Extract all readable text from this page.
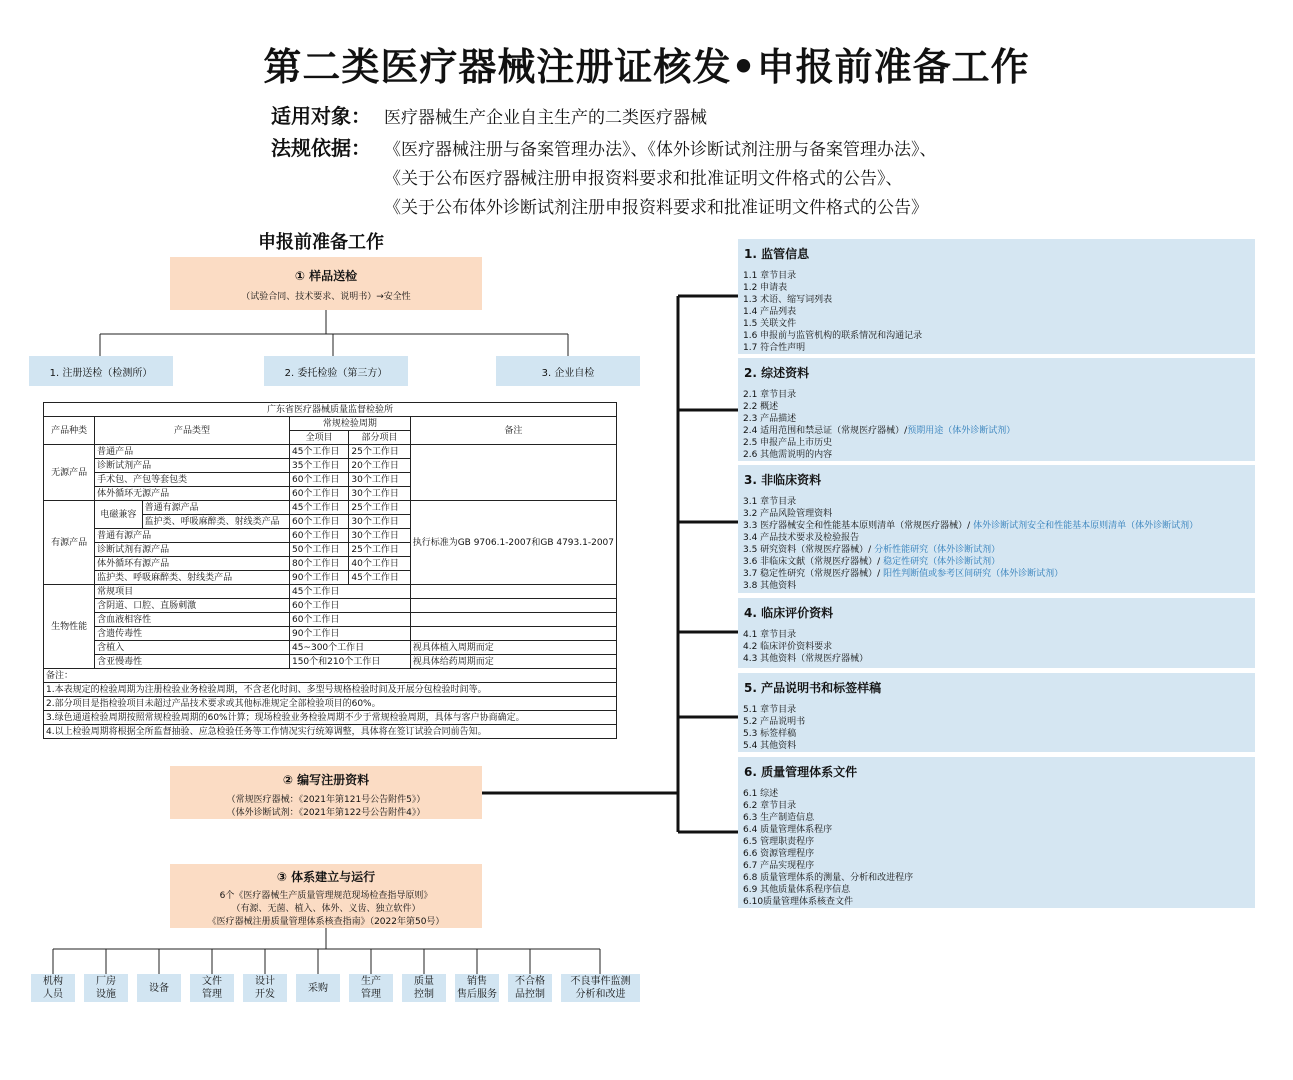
第二类医疗器械注册证核发•申报前准备工作
适用对象： 医疗器械生产企业自主生产的二类医疗器械
法规依据： 《医疗器械注册与备案管理办法》、《体外诊断试剂注册与备案管理办法》、
《关于公布医疗器械注册申报资料要求和批准证明文件格式的公告》、
《关于公布体外诊断试剂注册申报资料要求和批准证明文件格式的公告》
申报前准备工作
① 样品送检
（试验合同、技术要求、说明书）→安全性
1. 注册送检（检测所）	2. 委托检验（第三方）	3. 企业自检
广东省医疗器械质量监督检验所					
产品种类	产品类型		常规检验周期		备注
			全项目	部分项目	
无源产品	普通产品		45个工作日	25个工作日	
	诊断试剂产品		35个工作日	20个工作日	
	手术包、产包等套包类		60个工作日	30个工作日	
	体外循环无源产品		60个工作日	30个工作日	
有源产品	电磁兼容	普通有源产品	45个工作日	25个工作日	执行标准为GB 9706.1-2007和GB 4793.1-2007
		监护类、呼吸麻醉类、射线类产品	60个工作日	30个工作日	
	普通有源产品		60个工作日	30个工作日	
	诊断试剂有源产品		50个工作日	25个工作日	
	体外循环有源产品		80个工作日	40个工作日	
	监护类、呼吸麻醉类、射线类产品		90个工作日	45个工作日	
生物性能	常规项目		45个工作日		
	含阴道、口腔、直肠刺激		60个工作日		
	含血液相容性		60个工作日		
	含遗传毒性		90个工作日		
	含植入		45~300个工作日		视具体植入周期而定
	含亚慢毒性		150个和210个工作日		视具体给药周期而定
备注：					
1.本表规定的检验周期为注册检验业务检验周期，不含老化时间、多型号规格检验时间及开展分包检验时间等。					
2.部分项目是指检验项目未超过产品技术要求或其他标准规定全部检验项目的60%。					
3.绿色通道检验周期按照常规检验周期的60%计算；现场检验业务检验周期不少于常规检验周期，具体与客户协商确定。					
4.以上检验周期将根据全所监督抽验、应急检验任务等工作情况实行统筹调整，具体将在签订试验合同前告知。					
② 编写注册资料
（常规医疗器械：《2021年第121号公告附件5》）
（体外诊断试剂：《2021年第122号公告附件4》）
③ 体系建立与运行
6个《医疗器械生产质量管理规范现场检查指导原则》
（有源、无菌、植入、体外、义齿、独立软件）
《医疗器械注册质量管理体系核查指南》（2022年第50号）
机构
人员
厂房
设施
设备
文件
管理
设计
开发
采购
生产
管理
质量
控制
销售
售后服务
不合格
品控制
不良事件监测
分析和改进
1. 监管信息
1.1 章节目录
1.2 申请表
1.3 术语、缩写词列表
1.4 产品列表
1.5 关联文件
1.6 申报前与监管机构的联系情况和沟通记录
1.7 符合性声明
2. 综述资料
2.1 章节目录
2.2 概述
2.3 产品描述
2.4 适用范围和禁忌证（常规医疗器械）/预期用途（体外诊断试剂）
2.5 申报产品上市历史
2.6 其他需说明的内容
3. 非临床资料
3.1 章节目录
3.2 产品风险管理资料
3.3 医疗器械安全和性能基本原则清单（常规医疗器械）/ 体外诊断试剂安全和性能基本原则清单（体外诊断试剂）
3.4 产品技术要求及检验报告
3.5 研究资料（常规医疗器械）/ 分析性能研究（体外诊断试剂）
3.6 非临床文献（常规医疗器械）/ 稳定性研究（体外诊断试剂）
3.7 稳定性研究（常规医疗器械）/ 阳性判断值或参考区间研究（体外诊断试剂）
3.8 其他资料
4. 临床评价资料
4.1 章节目录
4.2 临床评价资料要求
4.3 其他资料（常规医疗器械）
5. 产品说明书和标签样稿
5.1 章节目录
5.2 产品说明书
5.3 标签样稿
5.4 其他资料
6. 质量管理体系文件
6.1 综述
6.2 章节目录
6.3 生产制造信息
6.4 质量管理体系程序
6.5 管理职责程序
6.6 资源管理程序
6.7 产品实现程序
6.8 质量管理体系的测量、分析和改进程序
6.9 其他质量体系程序信息
6.10质量管理体系核查文件
